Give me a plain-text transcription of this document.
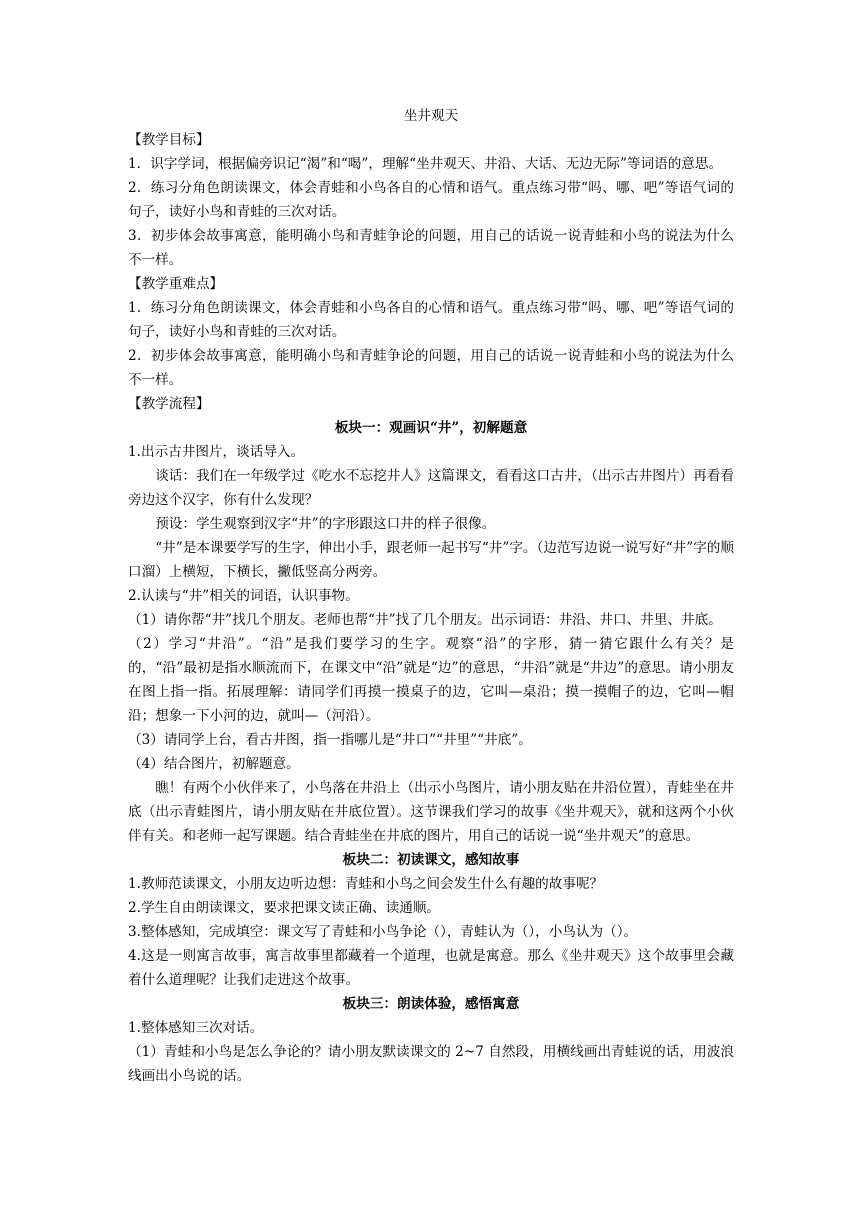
坐井观天

【教学目标】

1．识字学词，根据偏旁识记“渴”和“喝”，理解“坐井观天、井沿、大话、无边无际”等词语的意思。

2．练习分角色朗读课文，体会青蛙和小鸟各自的心情和语气。重点练习带“吗、哪、吧”等语气词的句子，读好小鸟和青蛙的三次对话。

3．初步体会故事寓意，能明确小鸟和青蛙争论的问题，用自己的话说一说青蛙和小鸟的说法为什么不一样。

【教学重难点】

1．练习分角色朗读课文，体会青蛙和小鸟各自的心情和语气。重点练习带“吗、哪、吧”等语气词的句子，读好小鸟和青蛙的三次对话。

2．初步体会故事寓意，能明确小鸟和青蛙争论的问题，用自己的话说一说青蛙和小鸟的说法为什么不一样。

【教学流程】

板块一：观画识“井”，初解题意

1.出示古井图片，谈话导入。

谈话：我们在一年级学过《吃水不忘挖井人》这篇课文，看看这口古井，（出示古井图片）再看看旁边这个汉字，你有什么发现？

预设：学生观察到汉字“井”的字形跟这口井的样子很像。

“井”是本课要学写的生字，伸出小手，跟老师一起书写“井”字。（边范写边说一说写好“井”字的顺口溜）上横短，下横长，撇低竖高分两旁。

2.认读与“井”相关的词语，认识事物。

（1）请你帮“井”找几个朋友。老师也帮“井”找了几个朋友。出示词语：井沿、井口、井里、井底。

（2）学习“井沿”。“沿”是我们要学习的生字。观察“沿”的字形，猜一猜它跟什么有关？是的，“沿”最初是指水顺流而下，在课文中“沿”就是“边”的意思，“井沿”就是“井边”的意思。请小朋友在图上指一指。拓展理解：请同学们再摸一摸桌子的边，它叫—桌沿；摸一摸帽子的边，它叫—帽沿；想象一下小河的边，就叫—（河沿）。

（3）请同学上台，看古井图，指一指哪儿是“井口”“井里”“井底”。

（4）结合图片，初解题意。

瞧！有两个小伙伴来了，小鸟落在井沿上（出示小鸟图片，请小朋友贴在井沿位置），青蛙坐在井底（出示青蛙图片，请小朋友贴在井底位置）。这节课我们学习的故事《坐井观天》，就和这两个小伙伴有关。和老师一起写课题。结合青蛙坐在井底的图片，用自己的话说一说“坐井观天”的意思。

板块二：初读课文，感知故事

1.教师范读课文，小朋友边听边想：青蛙和小鸟之间会发生什么有趣的故事呢？

2.学生自由朗读课文，要求把课文读正确、读通顺。

3.整体感知，完成填空：课文写了青蛙和小鸟争论（），青蛙认为（），小鸟认为（）。

4.这是一则寓言故事，寓言故事里都藏着一个道理，也就是寓意。那么《坐井观天》这个故事里会藏着什么道理呢？让我们走进这个故事。

板块三：朗读体验，感悟寓意

1.整体感知三次对话。

（1）青蛙和小鸟是怎么争论的？请小朋友默读课文的 2~7 自然段，用横线画出青蛙说的话，用波浪线画出小鸟说的话。
